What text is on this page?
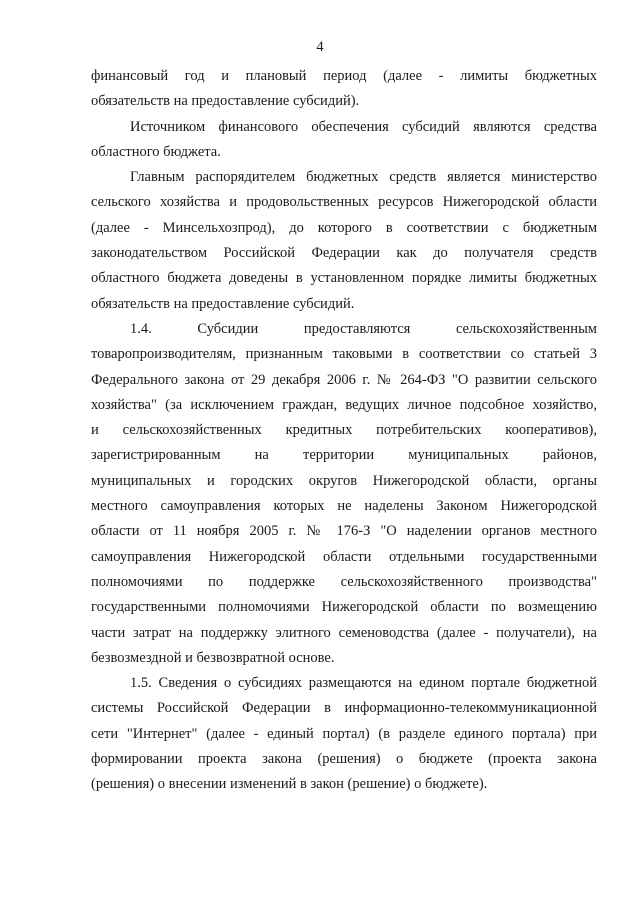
4
финансовый год и плановый период (далее - лимиты бюджетных
обязательств на предоставление субсидий).
Источником финансового обеспечения субсидий являются средства
областного бюджета.
Главным распорядителем бюджетных средств является министерство
сельского хозяйства и продовольственных ресурсов Нижегородской области
(далее - Минсельхозпрод), до которого в соответствии с бюджетным
законодательством Российской Федерации как до получателя средств
областного бюджета доведены в установленном порядке лимиты бюджетных
обязательств на предоставление субсидий.
1.4. Субсидии предоставляются сельскохозяйственным
товаропроизводителям, признанным таковыми в соответствии со статьей 3
Федерального закона от 29 декабря 2006 г. № 264-ФЗ "О развитии сельского
хозяйства" (за исключением граждан, ведущих личное подсобное хозяйство,
и сельскохозяйственных кредитных потребительских кооперативов),
зарегистрированным на территории муниципальных районов,
муниципальных и городских округов Нижегородской области, органы
местного самоуправления которых не наделены Законом Нижегородской
области от 11 ноября 2005 г. № 176-З "О наделении органов местного
самоуправления Нижегородской области отдельными государственными
полномочиями по поддержке сельскохозяйственного производства"
государственными полномочиями Нижегородской области по возмещению
части затрат на поддержку элитного семеноводства (далее - получатели), на
безвозмездной и безвозвратной основе.
1.5. Сведения о субсидиях размещаются на едином портале бюджетной
системы Российской Федерации в информационно-телекоммуникационной
сети "Интернет" (далее - единый портал) (в разделе единого портала) при
формировании проекта закона (решения) о бюджете (проекта закона
(решения) о внесении изменений в закон (решение) о бюджете).
